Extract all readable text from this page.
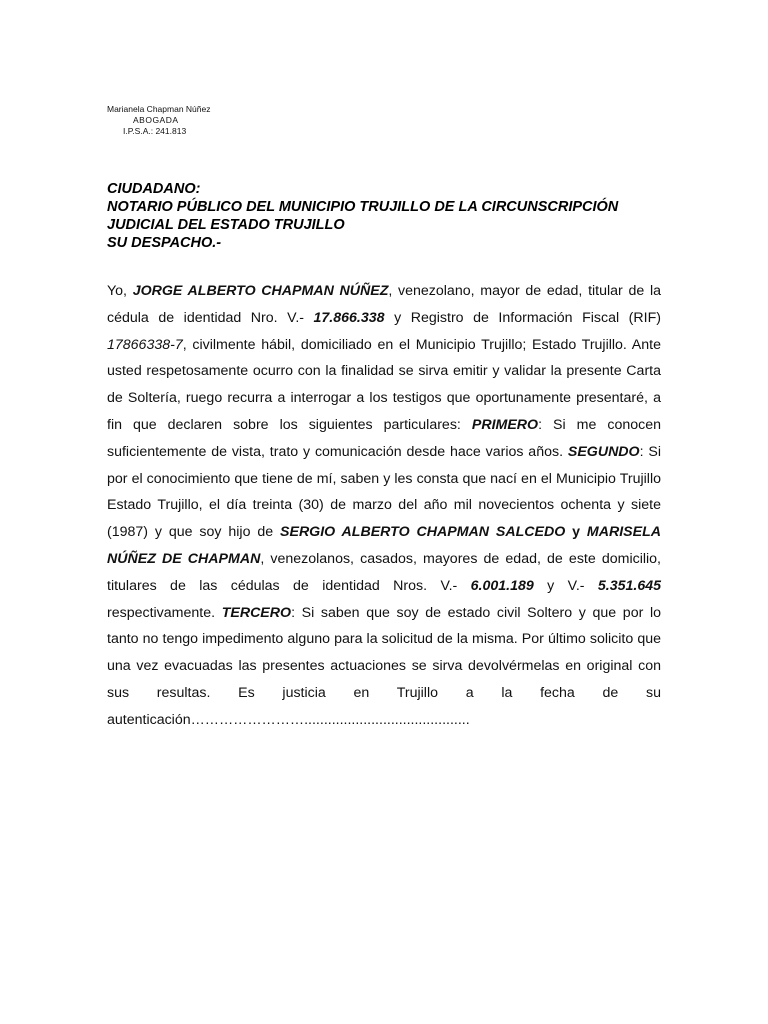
Marianela Chapman Núñez
ABOGADA
I.P.S.A.: 241.813
CIUDADANO:
NOTARIO PÚBLICO DEL MUNICIPIO TRUJILLO DE LA CIRCUNSCRIPCIÓN
JUDICIAL DEL ESTADO TRUJILLO
SU DESPACHO.-
Yo, JORGE ALBERTO CHAPMAN NÚÑEZ, venezolano, mayor de edad, titular de la cédula de identidad Nro. V.- 17.866.338 y Registro de Información Fiscal (RIF) 17866338-7, civilmente hábil, domiciliado en el Municipio Trujillo; Estado Trujillo. Ante usted respetosamente ocurro con la finalidad se sirva emitir y validar la presente Carta de Soltería, ruego recurra a interrogar a los testigos que oportunamente presentaré, a fin que declaren sobre los siguientes particulares: PRIMERO: Si me conocen suficientemente de vista, trato y comunicación desde hace varios años. SEGUNDO: Si por el conocimiento que tiene de mí, saben y les consta que nací en el Municipio Trujillo Estado Trujillo, el día treinta (30) de marzo del año mil novecientos ochenta y siete (1987) y que soy hijo de SERGIO ALBERTO CHAPMAN SALCEDO y MARISELA NÚÑEZ DE CHAPMAN, venezolanos, casados, mayores de edad, de este domicilio, titulares de las cédulas de identidad Nros. V.- 6.001.189 y V.- 5.351.645 respectivamente. TERCERO: Si saben que soy de estado civil Soltero y que por lo tanto no tengo impedimento alguno para la solicitud de la misma. Por último solicito que una vez evacuadas las presentes actuaciones se sirva devolvérmelas en original con sus resultas. Es justicia en Trujillo a la fecha de su autenticación……………………..........................................
